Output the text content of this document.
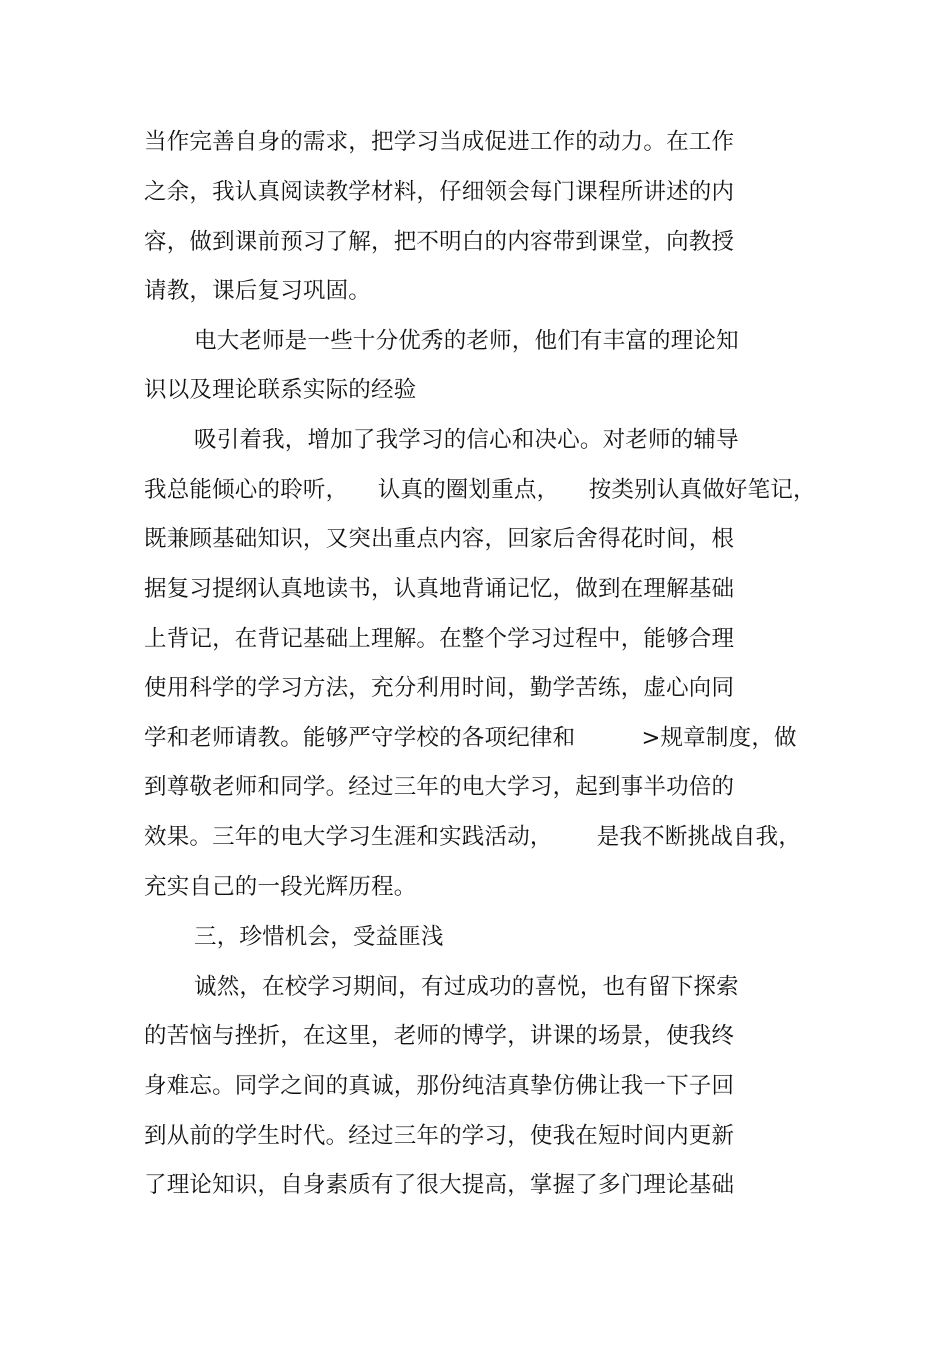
当作完善自身的需求，把学习当成促进工作的动力。在工作
之余，我认真阅读教学材料，仔细领会每门课程所讲述的内
容，做到课前预习了解，把不明白的内容带到课堂，向教授
请教，课后复习巩固。
电大老师是一些十分优秀的老师，他们有丰富的理论知
识以及理论联系实际的经验
吸引着我，增加了我学习的信心和决心。对老师的辅导
我总能倾心的聆听，    认真的圈划重点，    按类别认真做好笔记，
既兼顾基础知识，又突出重点内容，回家后舍得花时间，根
据复习提纲认真地读书，认真地背诵记忆，做到在理解基础
上背记，在背记基础上理解。在整个学习过程中，能够合理
使用科学的学习方法，充分利用时间，勤学苦练，虚心向同
学和老师请教。能够严守学校的各项纪律和         >规章制度，做
到尊敬老师和同学。经过三年的电大学习，起到事半功倍的
效果。三年的电大学习生涯和实践活动，      是我不断挑战自我，
充实自己的一段光辉历程。
三，珍惜机会，受益匪浅
诚然，在校学习期间，有过成功的喜悦，也有留下探索
的苦恼与挫折，在这里，老师的博学，讲课的场景，使我终
身难忘。同学之间的真诚，那份纯洁真挚仿佛让我一下子回
到从前的学生时代。经过三年的学习，使我在短时间内更新
了理论知识，自身素质有了很大提高，掌握了多门理论基础
